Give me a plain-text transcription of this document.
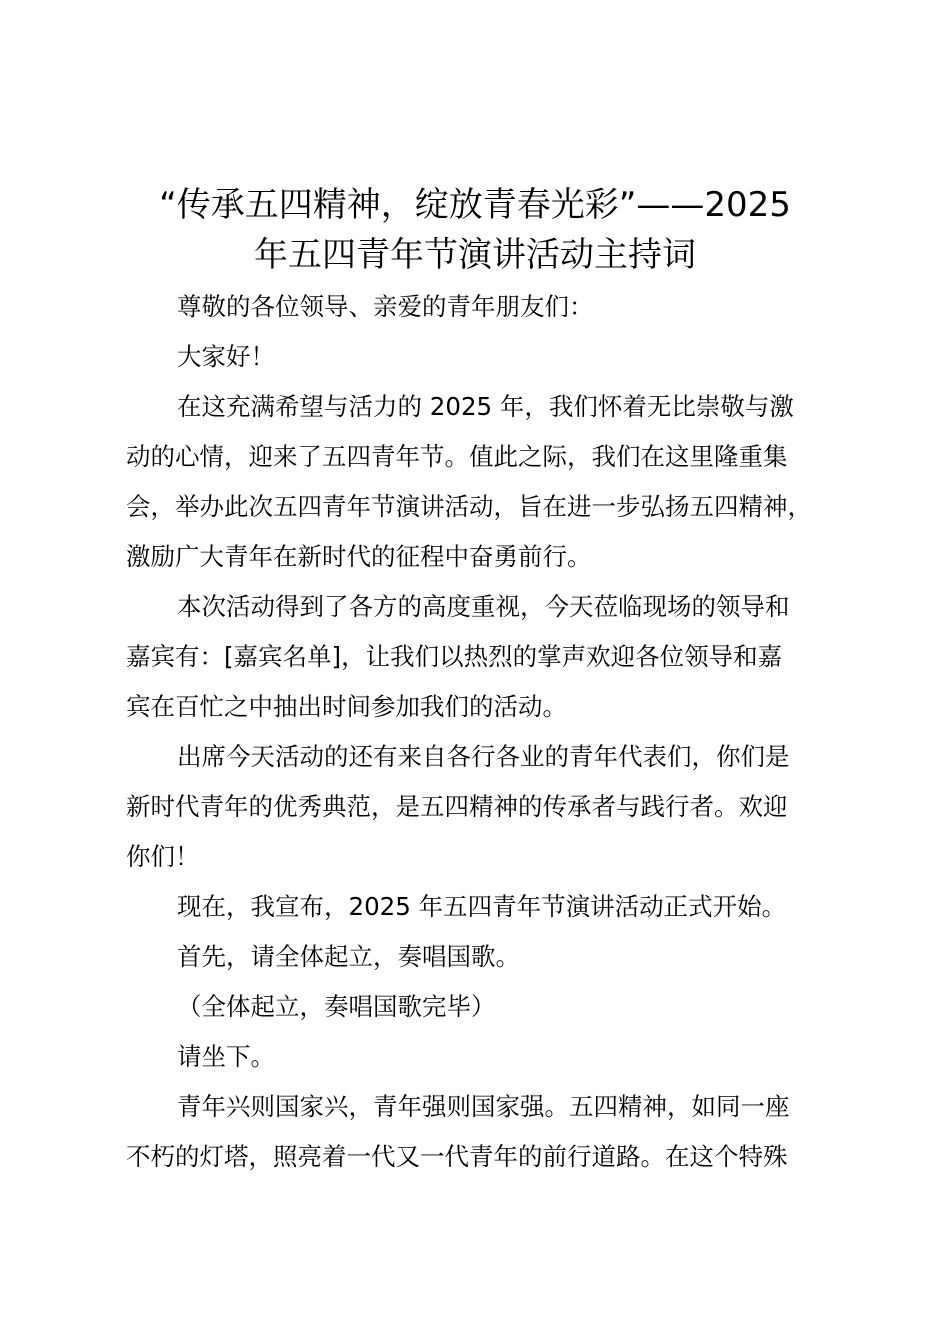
“传承五四精神，绽放青春光彩”——2025
年五四青年节演讲活动主持词
尊敬的各位领导、亲爱的青年朋友们：
大家好！
在这充满希望与活力的 2025 年，我们怀着无比崇敬与激
动的心情，迎来了五四青年节。值此之际，我们在这里隆重集
会，举办此次五四青年节演讲活动，旨在进一步弘扬五四精神，
激励广大青年在新时代的征程中奋勇前行。
本次活动得到了各方的高度重视，今天莅临现场的领导和
嘉宾有：[嘉宾名单]，让我们以热烈的掌声欢迎各位领导和嘉
宾在百忙之中抽出时间参加我们的活动。
出席今天活动的还有来自各行各业的青年代表们，你们是
新时代青年的优秀典范，是五四精神的传承者与践行者。欢迎
你们！
现在，我宣布，2025 年五四青年节演讲活动正式开始。
首先，请全体起立，奏唱国歌。
（全体起立，奏唱国歌完毕）
请坐下。
青年兴则国家兴，青年强则国家强。五四精神，如同一座
不朽的灯塔，照亮着一代又一代青年的前行道路。在这个特殊
